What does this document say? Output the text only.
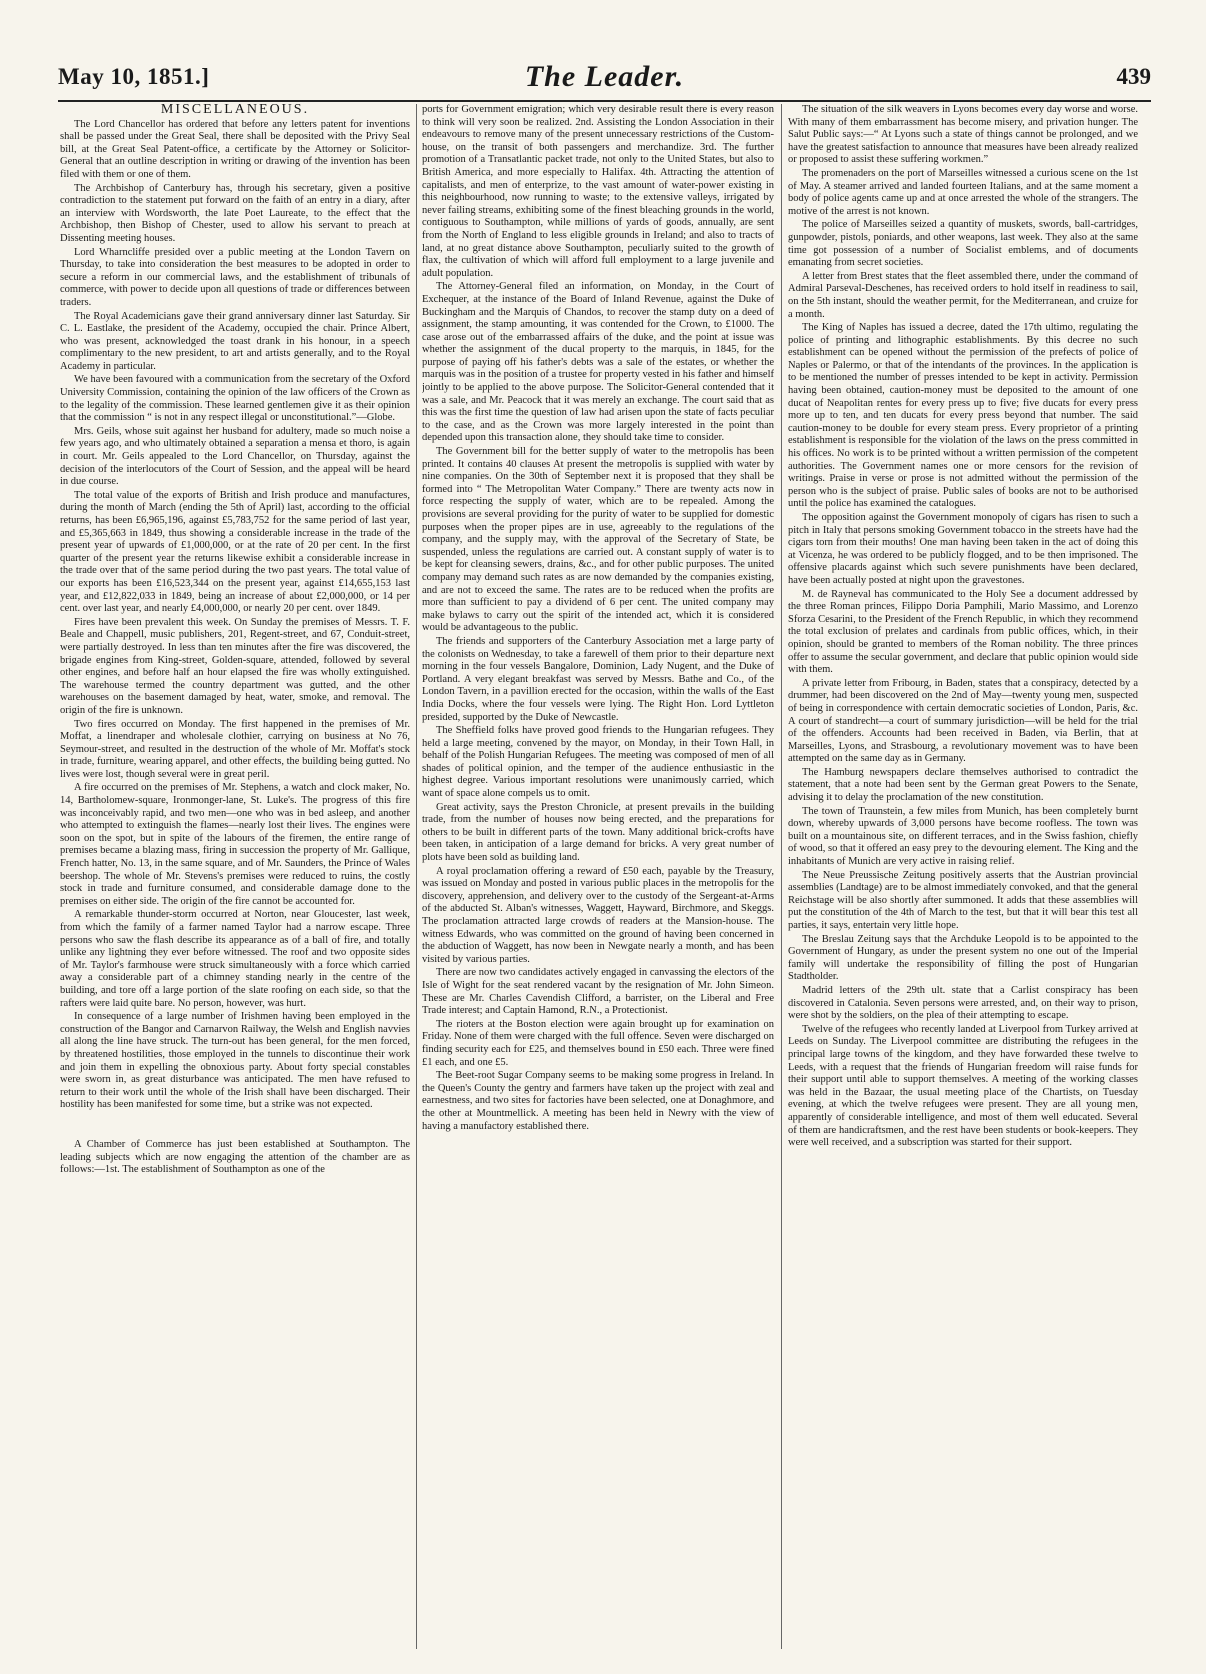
May 10, 1851.]	The Leader.	439
MISCELLANEOUS.

The Lord Chancellor has ordered that before any letters patent for inventions shall be passed under the Great Seal, there shall be deposited with the Privy Seal bill, at the Great Seal Patent-office, a certificate by the Attorney or Solicitor-General that an outline description in writing or drawing of the invention has been filed with them or one of them.

The Archbishop of Canterbury has, through his secretary, given a positive contradiction to the statement put forward on the faith of an entry in a diary, after an interview with Wordsworth, the late Poet Laureate, to the effect that the Archbishop, then Bishop of Chester, used to allow his servant to preach at Dissenting meeting houses.

Lord Wharncliffe presided over a public meeting at the London Tavern on Thursday, to take into consideration the best measures to be adopted in order to secure a reform in our commercial laws, and the establishment of tribunals of commerce, with power to decide upon all questions of trade or differences between traders.

The Royal Academicians gave their grand anniversary dinner last Saturday. Sir C. L. Eastlake, the president of the Academy, occupied the chair. Prince Albert, who was present, acknowledged the toast drank in his honour, in a speech complimentary to the new president, to art and artists generally, and to the Royal Academy in particular.

We have been favoured with a communication from the secretary of the Oxford University Commission, containing the opinion of the law officers of the Crown as to the legality of the commission. These learned gentlemen give it as their opinion that the commission “ is not in any respect illegal or unconstitutional.”—Globe.

Mrs. Geils, whose suit against her husband for adultery, made so much noise a few years ago, and who ultimately obtained a separation a mensa et thoro, is again in court. Mr. Geils appealed to the Lord Chancellor, on Thursday, against the decision of the interlocutors of the Court of Session, and the appeal will be heard in due course.

The total value of the exports of British and Irish produce and manufactures, during the month of March (ending the 5th of April) last, according to the official returns, has been £6,965,196, against £5,783,752 for the same period of last year, and £5,365,663 in 1849, thus showing a considerable increase in the trade of the present year of upwards of £1,000,000, or at the rate of 20 per cent. In the first quarter of the present year the returns likewise exhibit a considerable increase in the trade over that of the same period during the two past years. The total value of our exports has been £16,523,344 on the present year, against £14,655,153 last year, and £12,822,033 in 1849, being an increase of about £2,000,000, or 14 per cent. over last year, and nearly £4,000,000, or nearly 20 per cent. over 1849.

Fires have been prevalent this week. On Sunday the premises of Messrs. T. F. Beale and Chappell, music publishers, 201, Regent-street, and 67, Conduit-street, were partially destroyed. In less than ten minutes after the fire was discovered, the brigade engines from King-street, Golden-square, attended, followed by several other engines, and before half an hour elapsed the fire was wholly extinguished. The warehouse termed the country department was gutted, and the other warehouses on the basement damaged by heat, water, smoke, and removal. The origin of the fire is unknown.

Two fires occurred on Monday. The first happened in the premises of Mr. Moffat, a linendraper and wholesale clothier, carrying on business at No 76, Seymour-street, and resulted in the destruction of the whole of Mr. Moffat's stock in trade, furniture, wearing apparel, and other effects, the building being gutted. No lives were lost, though several were in great peril.

A fire occurred on the premises of Mr. Stephens, a watch and clock maker, No. 14, Bartholomew-square, Ironmonger-lane, St. Luke's. The progress of this fire was inconceivably rapid, and two men—one who was in bed asleep, and another who attempted to extinguish the flames—nearly lost their lives. The engines were soon on the spot, but in spite of the labours of the firemen, the entire range of premises became a blazing mass, firing in succession the property of Mr. Gallique, French hatter, No. 13, in the same square, and of Mr. Saunders, the Prince of Wales beershop. The whole of Mr. Stevens's premises were reduced to ruins, the costly stock in trade and furniture consumed, and considerable damage done to the premises on either side. The origin of the fire cannot be accounted for.

A remarkable thunder-storm occurred at Norton, near Gloucester, last week, from which the family of a farmer named Taylor had a narrow escape. Three persons who saw the flash describe its appearance as of a ball of fire, and totally unlike any lightning they ever before witnessed. The roof and two opposite sides of Mr. Taylor's farmhouse were struck simultaneously with a force which carried away a considerable part of a chimney standing nearly in the centre of the building, and tore off a large portion of the slate roofing on each side, so that the rafters were laid quite bare. No person, however, was hurt.

In consequence of a large number of Irishmen having been employed in the construction of the Bangor and Carnarvon Railway, the Welsh and English navvies all along the line have struck. The turn-out has been general, for the men forced, by threatened hostilities, those employed in the tunnels to discontinue their work and join them in expelling the obnoxious party. About forty special constables were sworn in, as great disturbance was anticipated. The men have refused to return to their work until the whole of the Irish shall have been discharged. Their hostility has been manifested for some time, but a strike was not expected.

A Chamber of Commerce has just been established at Southampton. The leading subjects which are now engaging the attention of the chamber are as follows:—1st. The establishment of Southampton as one of the

ports for Government emigration; which very desirable result there is every reason to think will very soon be realized. 2nd. Assisting the London Association in their endeavours to remove many of the present unnecessary restrictions of the Custom-house, on the transit of both passengers and merchandize. 3rd. The further promotion of a Transatlantic packet trade, not only to the United States, but also to British America, and more especially to Halifax. 4th. Attracting the attention of capitalists, and men of enterprize, to the vast amount of water-power existing in this neighbourhood, now running to waste; to the extensive valleys, irrigated by never failing streams, exhibiting some of the finest bleaching grounds in the world, contiguous to Southampton, while millions of yards of goods, annually, are sent from the North of England to less eligible grounds in Ireland; and also to tracts of land, at no great distance above Southampton, peculiarly suited to the growth of flax, the cultivation of which will afford full employment to a large juvenile and adult population.

The Attorney-General filed an information, on Monday, in the Court of Exchequer, at the instance of the Board of Inland Revenue, against the Duke of Buckingham and the Marquis of Chandos, to recover the stamp duty on a deed of assignment, the stamp amounting, it was contended for the Crown, to £1000. The case arose out of the embarrassed affairs of the duke, and the point at issue was whether the assignment of the ducal property to the marquis, in 1845, for the purpose of paying off his father's debts was a sale of the estates, or whether the marquis was in the position of a trustee for property vested in his father and himself jointly to be applied to the above purpose. The Solicitor-General contended that it was a sale, and Mr. Peacock that it was merely an exchange. The court said that as this was the first time the question of law had arisen upon the state of facts peculiar to the case, and as the Crown was more largely interested in the point than depended upon this transaction alone, they should take time to consider.

The Government bill for the better supply of water to the metropolis has been printed. It contains 40 clauses At present the metropolis is supplied with water by nine companies. On the 30th of September next it is proposed that they shall be formed into “ The Metropolitan Water Company.” There are twenty acts now in force respecting the supply of water, which are to be repealed. Among the provisions are several providing for the purity of water to be supplied for domestic purposes when the proper pipes are in use, agreeably to the regulations of the company, and the supply may, with the approval of the Secretary of State, be suspended, unless the regulations are carried out. A constant supply of water is to be kept for cleansing sewers, drains, &c., and for other public purposes. The united company may demand such rates as are now demanded by the companies existing, and are not to exceed the same. The rates are to be reduced when the profits are more than sufficient to pay a dividend of 6 per cent. The united company may make bylaws to carry out the spirit of the intended act, which it is considered would be advantageous to the public.

The friends and supporters of the Canterbury Association met a large party of the colonists on Wednesday, to take a farewell of them prior to their departure next morning in the four vessels Bangalore, Dominion, Lady Nugent, and the Duke of Portland. A very elegant breakfast was served by Messrs. Bathe and Co., of the London Tavern, in a pavillion erected for the occasion, within the walls of the East India Docks, where the four vessels were lying. The Right Hon. Lord Lyttleton presided, supported by the Duke of Newcastle.

The Sheffield folks have proved good friends to the Hungarian refugees. They held a large meeting, convened by the mayor, on Monday, in their Town Hall, in behalf of the Polish Hungarian Refugees. The meeting was composed of men of all shades of political opinion, and the temper of the audience enthusiastic in the highest degree. Various important resolutions were unanimously carried, which want of space alone compels us to omit.

Great activity, says the Preston Chronicle, at present prevails in the building trade, from the number of houses now being erected, and the preparations for others to be built in different parts of the town. Many additional brick-crofts have been taken, in anticipation of a large demand for bricks. A very great number of plots have been sold as building land.

A royal proclamation offering a reward of £50 each, payable by the Treasury, was issued on Monday and posted in various public places in the metropolis for the discovery, apprehension, and delivery over to the custody of the Sergeant-at-Arms of the abducted St. Alban's witnesses, Waggett, Hayward, Birchmore, and Skeggs. The proclamation attracted large crowds of readers at the Mansion-house. The witness Edwards, who was committed on the ground of having been concerned in the abduction of Waggett, has now been in Newgate nearly a month, and has been visited by various parties.

There are now two candidates actively engaged in canvassing the electors of the Isle of Wight for the seat rendered vacant by the resignation of Mr. John Simeon. These are Mr. Charles Cavendish Clifford, a barrister, on the Liberal and Free Trade interest; and Captain Hamond, R.N., a Protectionist.

The rioters at the Boston election were again brought up for examination on Friday. None of them were charged with the full offence. Seven were discharged on finding security each for £25, and themselves bound in £50 each. Three were fined £1 each, and one £5.

The Beet-root Sugar Company seems to be making some progress in Ireland. In the Queen's County the gentry and farmers have taken up the project with zeal and earnestness, and two sites for factories have been selected, one at Donaghmore, and the other at Mountmellick. A meeting has been held in Newry with the view of having a manufactory established there.

The situation of the silk weavers in Lyons becomes every day worse and worse. With many of them embarrassment has become misery, and privation hunger. The Salut Public says:—“ At Lyons such a state of things cannot be prolonged, and we have the greatest satisfaction to announce that measures have been already realized or proposed to assist these suffering workmen.”

The promenaders on the port of Marseilles witnessed a curious scene on the 1st of May. A steamer arrived and landed fourteen Italians, and at the same moment a body of police agents came up and at once arrested the whole of the strangers. The motive of the arrest is not known.

The police of Marseilles seized a quantity of muskets, swords, ball-cartridges, gunpowder, pistols, poniards, and other weapons, last week. They also at the same time got possession of a number of Socialist emblems, and of documents emanating from secret societies.

A letter from Brest states that the fleet assembled there, under the command of Admiral Parseval-Deschenes, has received orders to hold itself in readiness to sail, on the 5th instant, should the weather permit, for the Mediterranean, and cruize for a month.

The King of Naples has issued a decree, dated the 17th ultimo, regulating the police of printing and lithographic establishments. By this decree no such establishment can be opened without the permission of the prefects of police of Naples or Palermo, or that of the intendants of the provinces. In the application is to be mentioned the number of presses intended to be kept in activity. Permission having been obtained, caution-money must be deposited to the amount of one ducat of Neapolitan rentes for every press up to five; five ducats for every press more up to ten, and ten ducats for every press beyond that number. The said caution-money to be double for every steam press. Every proprietor of a printing establishment is responsible for the violation of the laws on the press committed in his offices. No work is to be printed without a written permission of the competent authorities. The Government names one or more censors for the revision of writings. Praise in verse or prose is not admitted without the permission of the person who is the subject of praise. Public sales of books are not to be authorised until the police has examined the catalogues.

The opposition against the Government monopoly of cigars has risen to such a pitch in Italy that persons smoking Government tobacco in the streets have had the cigars torn from their mouths! One man having been taken in the act of doing this at Vicenza, he was ordered to be publicly flogged, and to be then imprisoned. The offensive placards against which such severe punishments have been declared, have been actually posted at night upon the gravestones.

M. de Rayneval has communicated to the Holy See a document addressed by the three Roman princes, Filippo Doria Pamphili, Mario Massimo, and Lorenzo Sforza Cesarini, to the President of the French Republic, in which they recommend the total exclusion of prelates and cardinals from public offices, which, in their opinion, should be granted to members of the Roman nobility. The three princes offer to assume the secular government, and declare that public opinion would side with them.

A private letter from Fribourg, in Baden, states that a conspiracy, detected by a drummer, had been discovered on the 2nd of May—twenty young men, suspected of being in correspondence with certain democratic societies of London, Paris, &c. A court of standrecht—a court of summary jurisdiction—will be held for the trial of the offenders. Accounts had been received in Baden, via Berlin, that at Marseilles, Lyons, and Strasbourg, a revolutionary movement was to have been attempted on the same day as in Germany.

The Hamburg newspapers declare themselves authorised to contradict the statement, that a note had been sent by the German great Powers to the Senate, advising it to delay the proclamation of the new constitution.

The town of Traunstein, a few miles from Munich, has been completely burnt down, whereby upwards of 3,000 persons have become roofless. The town was built on a mountainous site, on different terraces, and in the Swiss fashion, chiefly of wood, so that it offered an easy prey to the devouring element. The King and the inhabitants of Munich are very active in raising relief.

The Neue Preussische Zeitung positively asserts that the Austrian provincial assemblies (Landtage) are to be almost immediately convoked, and that the general Reichstage will be also shortly after summoned. It adds that these assemblies will put the constitution of the 4th of March to the test, but that it will bear this test all parties, it says, entertain very little hope.

The Breslau Zeitung says that the Archduke Leopold is to be appointed to the Government of Hungary, as under the present system no one out of the Imperial family will undertake the responsibility of filling the post of Hungarian Stadtholder.

Madrid letters of the 29th ult. state that a Carlist conspiracy has been discovered in Catalonia. Seven persons were arrested, and, on their way to prison, were shot by the soldiers, on the plea of their attempting to escape.

Twelve of the refugees who recently landed at Liverpool from Turkey arrived at Leeds on Sunday. The Liverpool committee are distributing the refugees in the principal large towns of the kingdom, and they have forwarded these twelve to Leeds, with a request that the friends of Hungarian freedom will raise funds for their support until able to support themselves. A meeting of the working classes was held in the Bazaar, the usual meeting place of the Chartists, on Tuesday evening, at which the twelve refugees were present. They are all young men, apparently of considerable intelligence, and most of them well educated. Several of them are handicraftsmen, and the rest have been students or book-keepers. They were well received, and a subscription was started for their support.
